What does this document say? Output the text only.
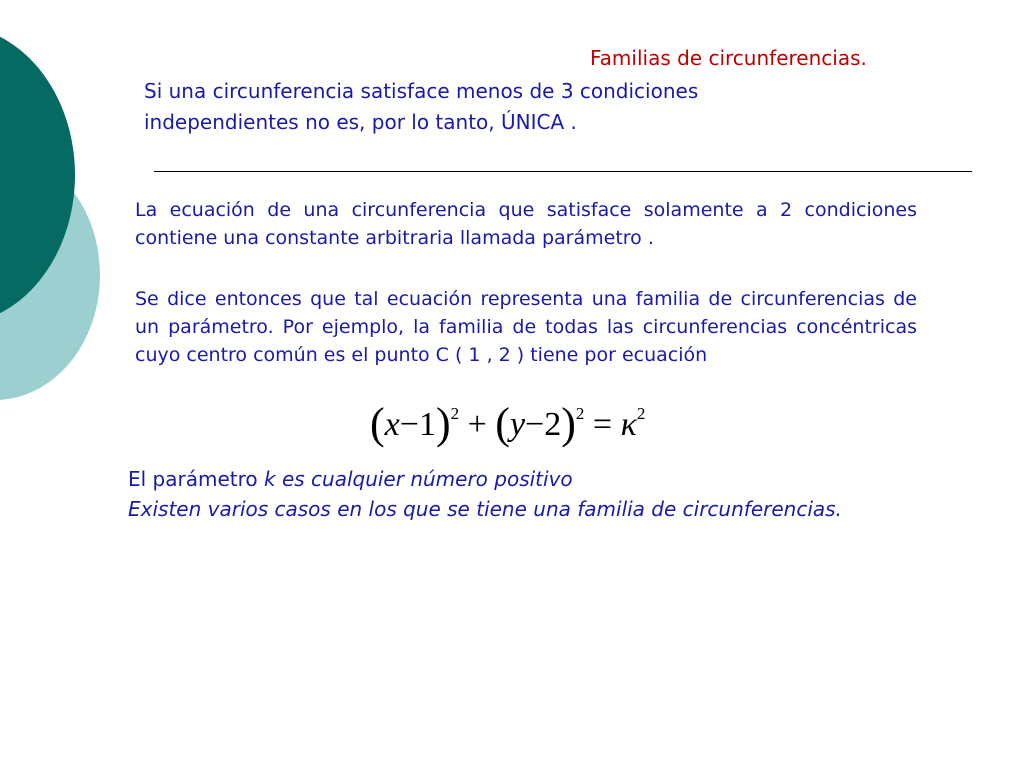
Familias de circunferencias.
Si una circunferencia satisface menos de 3 condiciones
independientes no es, por lo tanto, ÚNICA .
La ecuación de una circunferencia que satisface solamente a 2 condiciones contiene una constante arbitraria llamada parámetro .
Se dice entonces que tal ecuación representa una familia de circunferencias de un parámetro. Por ejemplo, la familia de todas las circunferencias concéntricas cuyo centro común es el punto C ( 1 , 2 ) tiene por ecuación
$(x-1)^2 + (y-2)^2 = \kappa^2$
El parámetro k es cualquier número positivo
Existen varios casos en los que se tiene una familia de circunferencias.
